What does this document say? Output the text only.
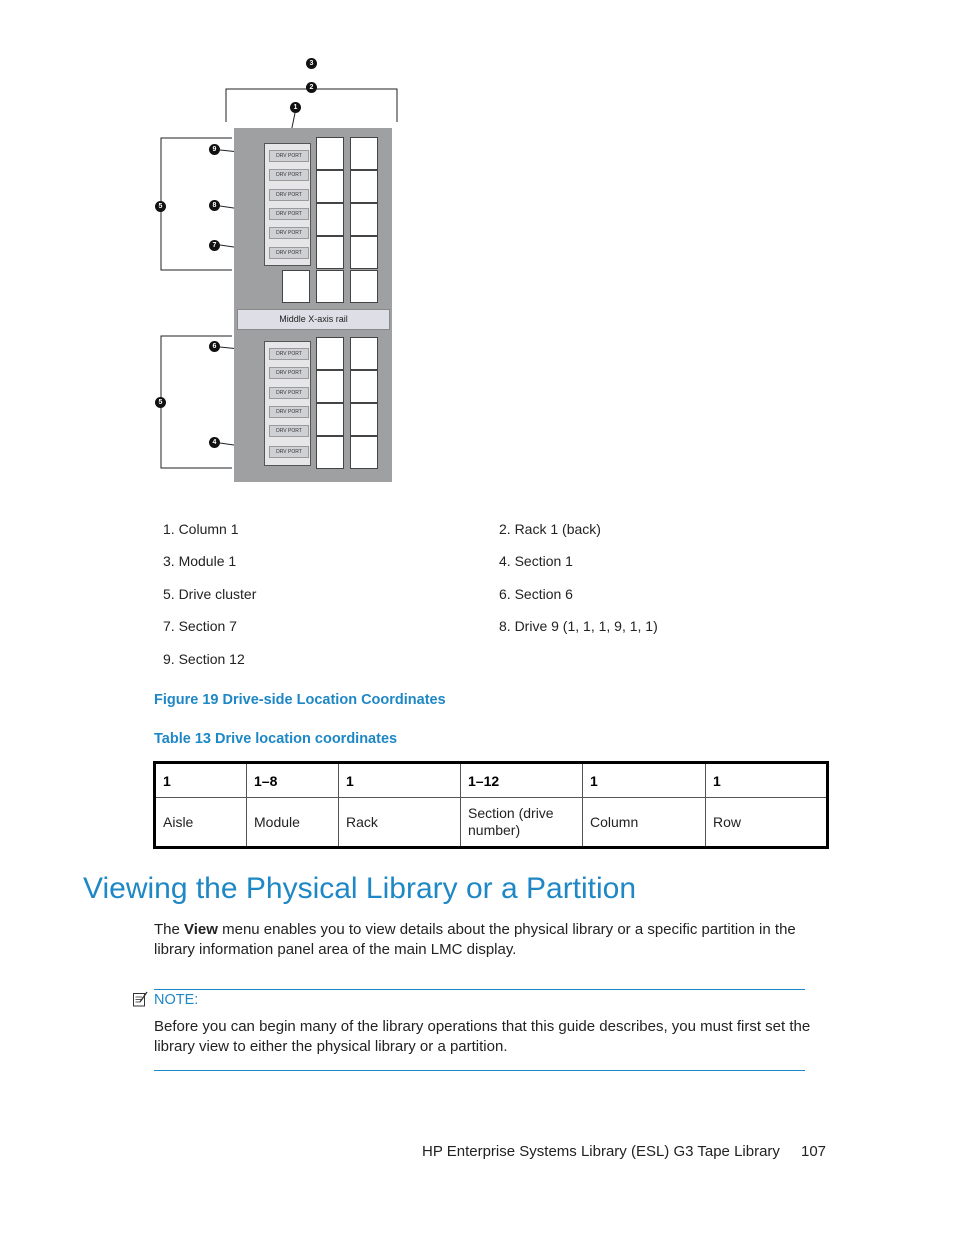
3
2
1
9
8
7
5
6
5
4
DRV PORT
DRV PORT
DRV PORT
DRV PORT
DRV PORT
DRV PORT
Middle X-axis rail
DRV PORT
DRV PORT
DRV PORT
DRV PORT
DRV PORT
DRV PORT
1. Column 1	2. Rack 1 (back)
3. Module 1	4. Section 1
5. Drive cluster	6. Section 6
7. Section 7	8. Drive 9 (1, 1, 1, 9, 1, 1)
9. Section 12
Figure 19 Drive-side Location Coordinates
Table 13 Drive location coordinates
1	1–8	1	1–12	1	1
Aisle	Module	Rack	Section (drive number)	Column	Row
Viewing the Physical Library or a Partition

The View menu enables you to view details about the physical library or a specific partition in the library information panel area of the main LMC display.

NOTE:

Before you can begin many of the library operations that this guide describes, you must first set the library view to either the physical library or a partition.

HP Enterprise Systems Library (ESL) G3 Tape Library 107
